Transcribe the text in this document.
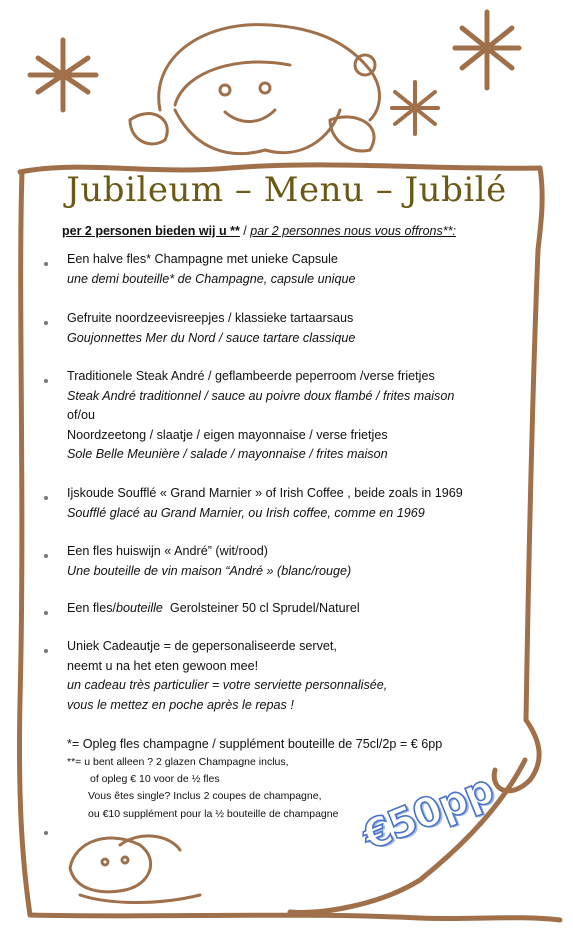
Jubileum – Menu – Jubilé
per 2 personen bieden wij u ** / par 2 personnes nous vous offrons**:
Een halve fles* Champagne met unieke Capsule
une demi bouteille* de Champagne, capsule unique
Gefruite noordzeevisreepjes / klassieke tartaarsaus
Goujonnettes Mer du Nord / sauce tartare classique
Traditionele Steak André / geflambeerde peperroom /verse frietjes
Steak André traditionnel / sauce au poivre doux flambé / frites maison
of/ou
Noordzeetong / slaatje / eigen mayonnaise / verse frietjes
Sole Belle Meunière / salade / mayonnaise / frites maison
Ijskoude Soufflé « Grand Marnier » of Irish Coffee , beide zoals in 1969
Soufflé glacé au Grand Marnier, ou Irish coffee, comme en 1969
Een fles huiswijn « André” (wit/rood)
Une bouteille de vin maison “André » (blanc/rouge)
Een fles/bouteille  Gerolsteiner 50 cl Sprudel/Naturel
Uniek Cadeautje = de gepersonaliseerde servet,
neemt u na het eten gewoon mee!
un cadeau très particulier = votre serviette personnalisée,
vous le mettez en poche après le repas !
*= Opleg fles champagne / supplément bouteille de 75cl/2p = € 6pp
**= u bent alleen ? 2 glazen Champagne inclus,
of opleg € 10 voor de ½ fles
Vous êtes single? Inclus 2 coupes de champagne,
ou €10 supplément pour la ½ bouteille de champagne €50pp
